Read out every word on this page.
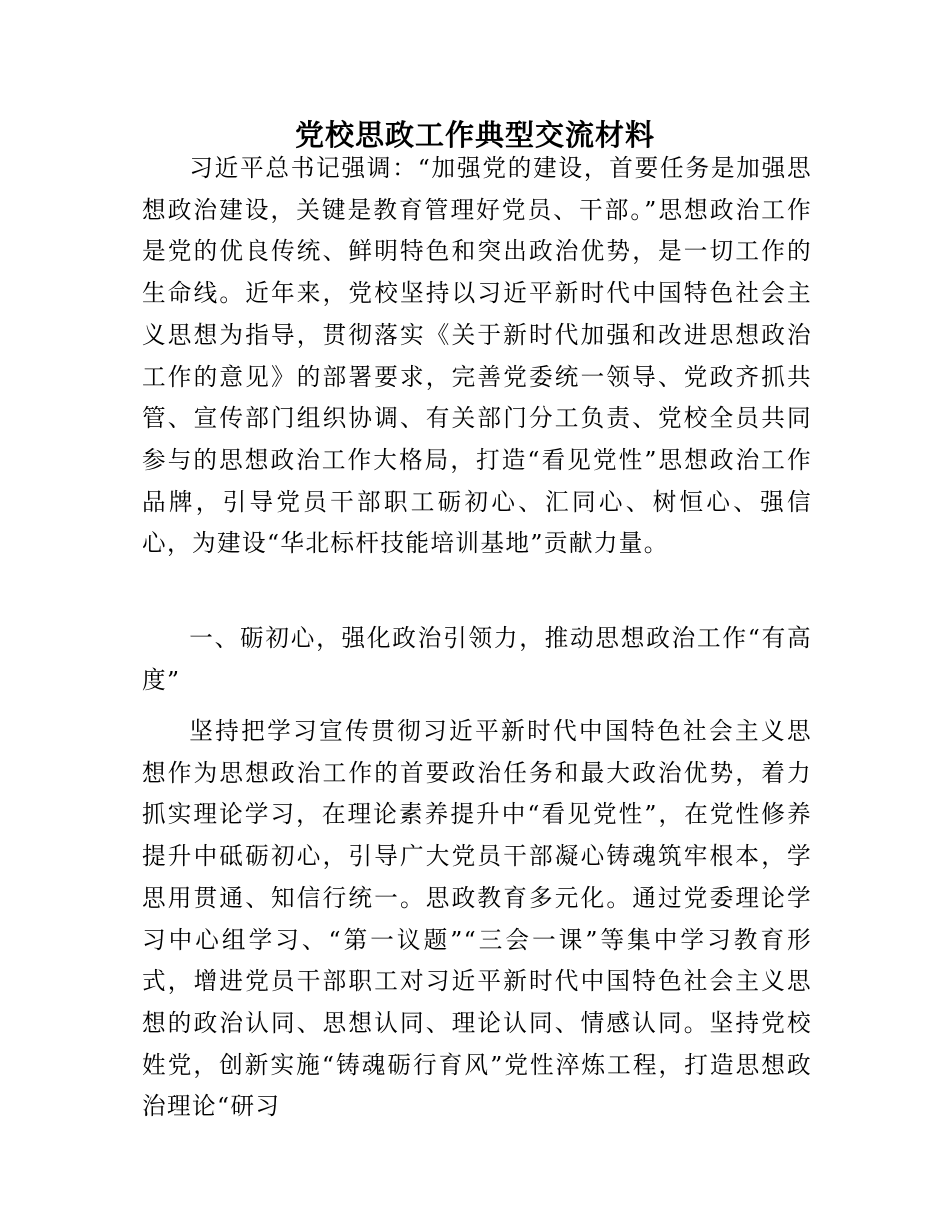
党校思政工作典型交流材料

习近平总书记强调：“加强党的建设，首要任务是加强思想政治建设，关键是教育管理好党员、干部。”思想政治工作是党的优良传统、鲜明特色和突出政治优势，是一切工作的生命线。近年来，党校坚持以习近平新时代中国特色社会主义思想为指导，贯彻落实《关于新时代加强和改进思想政治工作的意见》的部署要求，完善党委统一领导、党政齐抓共管、宣传部门组织协调、有关部门分工负责、党校全员共同参与的思想政治工作大格局，打造“看见党性”思想政治工作品牌，引导党员干部职工砺初心、汇同心、树恒心、强信心，为建设“华北标杆技能培训基地”贡献力量。

一、砺初心，强化政治引领力，推动思想政治工作“有高度”

坚持把学习宣传贯彻习近平新时代中国特色社会主义思想作为思想政治工作的首要政治任务和最大政治优势，着力抓实理论学习，在理论素养提升中“看见党性”，在党性修养提升中砥砺初心，引导广大党员干部凝心铸魂筑牢根本，学思用贯通、知信行统一。思政教育多元化。通过党委理论学习中心组学习、“第一议题”“三会一课”等集中学习教育形式，增进党员干部职工对习近平新时代中国特色社会主义思想的政治认同、思想认同、理论认同、情感认同。坚持党校姓党，创新实施“铸魂砺行育风”党性淬炼工程，打造思想政治理论“研习
